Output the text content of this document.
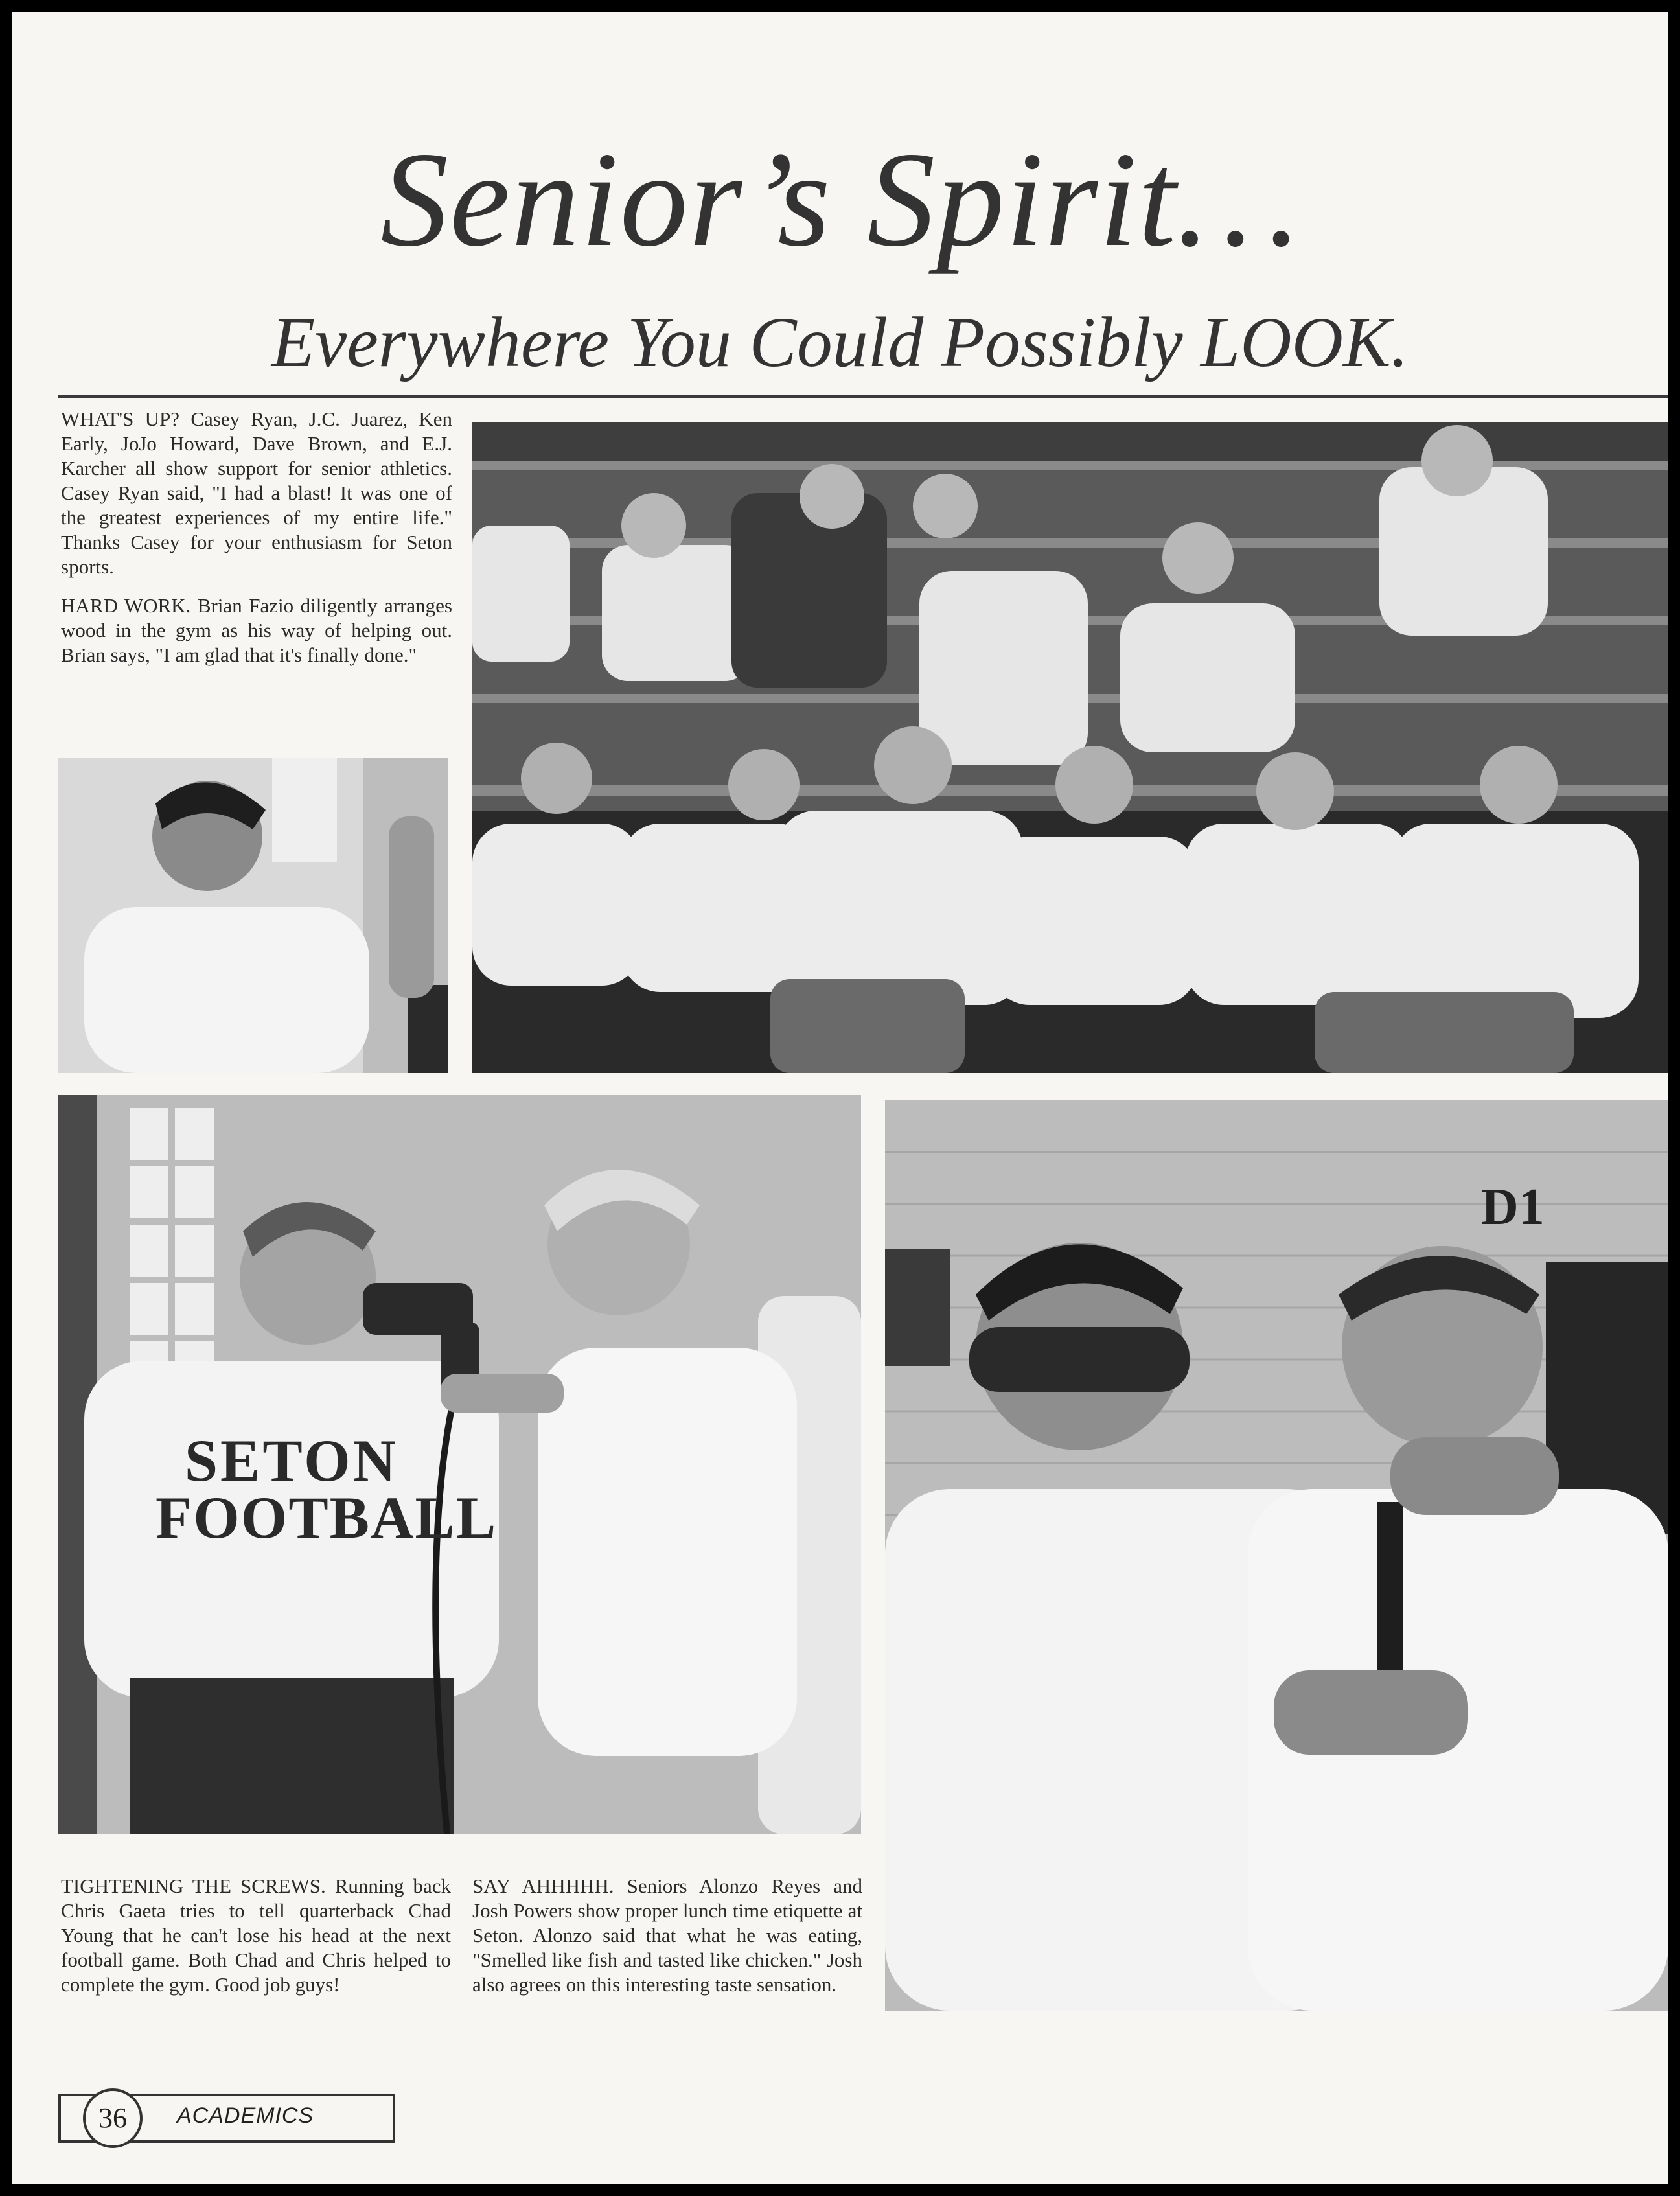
Senior’s Spirit…
Everywhere You Could Possibly LOOK.

WHAT'S UP? Casey Ryan, J.C. Juarez, Ken Early, JoJo Howard, Dave Brown, and E.J. Karcher all show support for senior athletics. Casey Ryan said, "I had a blast! It was one of the greatest experiences of my entire life." Thanks Casey for your enthusiasm for Seton sports.

HARD WORK. Brian Fazio diligently arranges wood in the gym as his way of helping out. Brian says, "I am glad that it's finally done."

SETON
FOOTBALL
D1
TIGHTENING THE SCREWS. Running back Chris Gaeta tries to tell quarterback Chad Young that he can't lose his head at the next football game. Both Chad and Chris helped to complete the gym. Good job guys!
SAY AHHHHH. Seniors Alonzo Reyes and Josh Powers show proper lunch time etiquette at Seton. Alonzo said that what he was eating, "Smelled like fish and tasted like chicken." Josh also agrees on this interesting taste sensation.
36	ACADEMICS
